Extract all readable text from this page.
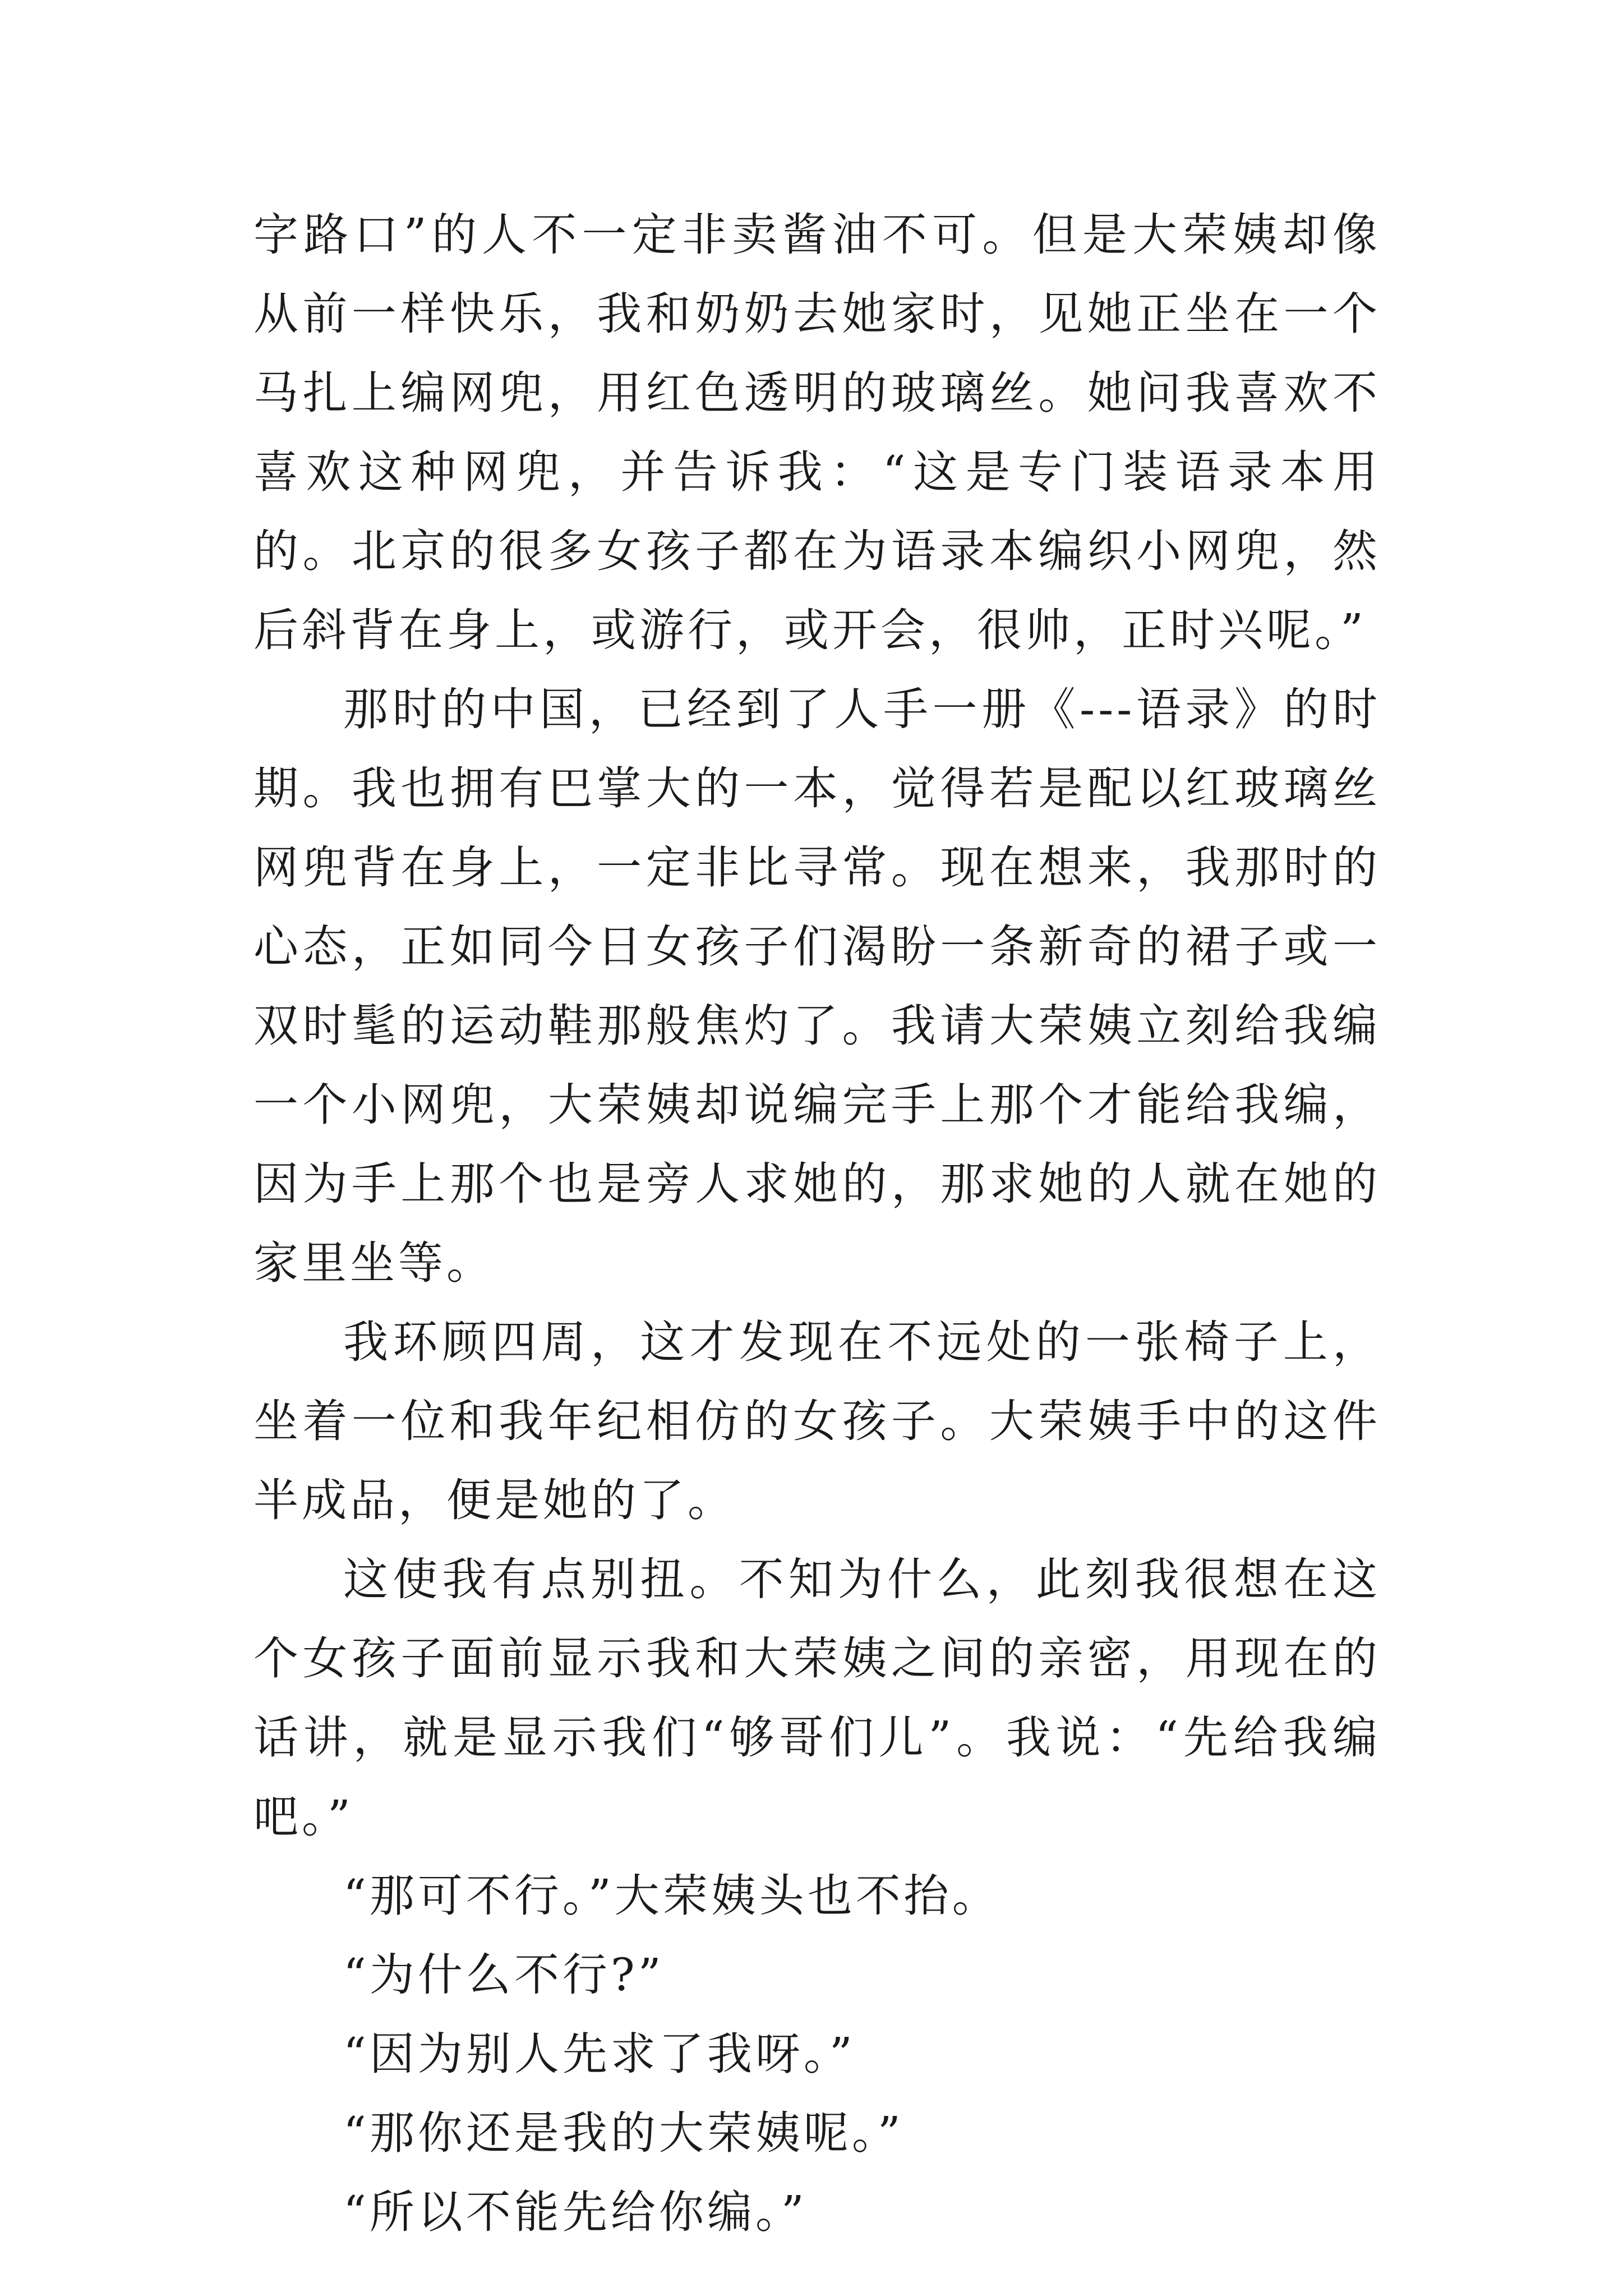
字路口”的人不一定非卖酱油不可。但是大荣姨却像从前一样快乐，我和奶奶去她家时，见她正坐在一个马扎上编网兜，用红色透明的玻璃丝。她问我喜欢不喜欢这种网兜，并告诉我：“这是专门装语录本用的。北京的很多女孩子都在为语录本编织小网兜，然后斜背在身上，或游行，或开会，很帅，正时兴呢。”

那时的中国，已经到了人手一册《---语录》的时期。我也拥有巴掌大的一本，觉得若是配以红玻璃丝网兜背在身上，一定非比寻常。现在想来，我那时的心态，正如同今日女孩子们渴盼一条新奇的裙子或一双时髦的运动鞋那般焦灼了。我请大荣姨立刻给我编一个小网兜，大荣姨却说编完手上那个才能给我编，因为手上那个也是旁人求她的，那求她的人就在她的家里坐等。

我环顾四周，这才发现在不远处的一张椅子上，坐着一位和我年纪相仿的女孩子。大荣姨手中的这件半成品，便是她的了。

这使我有点别扭。不知为什么，此刻我很想在这个女孩子面前显示我和大荣姨之间的亲密，用现在的话讲，就是显示我们“够哥们儿”。我说：“先给我编吧。”

“那可不行。”大荣姨头也不抬。

“为什么不行?”

“因为别人先求了我呀。”

“那你还是我的大荣姨呢。”

“所以不能先给你编。”
